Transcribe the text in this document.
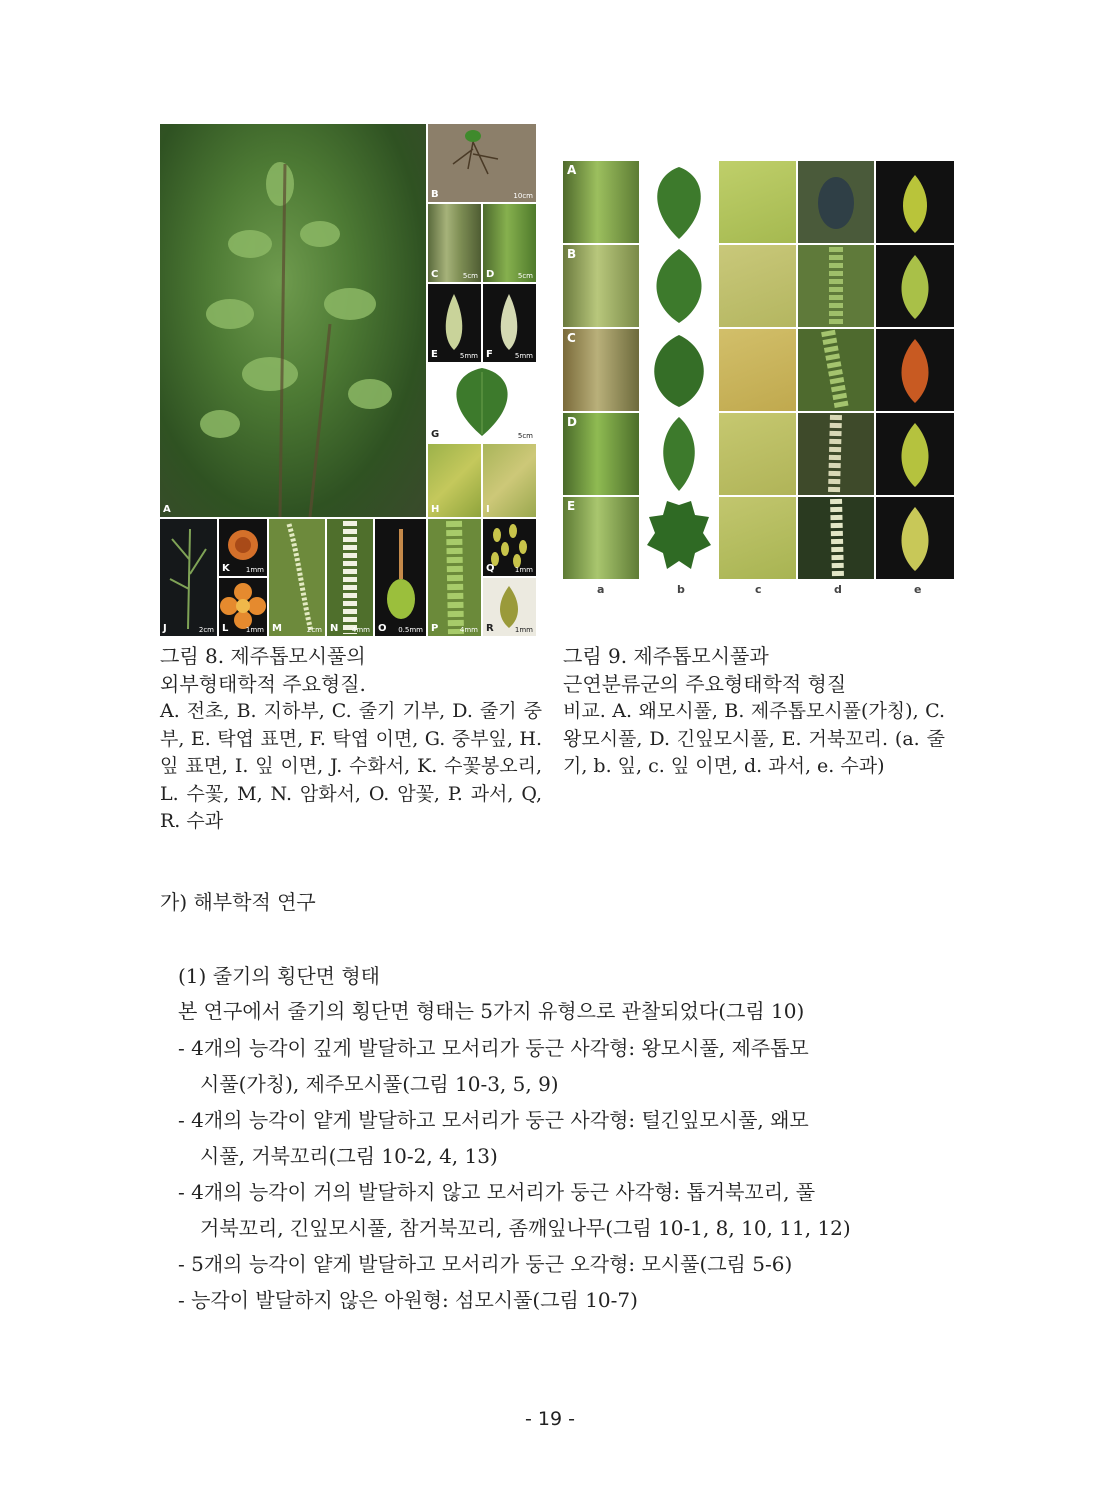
A
B	10cm
C	5cm D	5cm
E	5mm F	5mm
G	5cm
H	I
J	2cm
K 1mm
L	1mm M	2cm N 4mm O 0.5mm P	4mm
Q	1mm
R	1mm
A
B
C
D
E
a	b	c	d	e
그림 8. 제주톱모시풀의
외부형태학적 주요형질.
A. 전초, B. 지하부, C. 줄기 기부, D. 줄기 중부, E. 탁엽 표면, F. 탁엽 이면, G. 중부잎, H. 잎 표면, I. 잎 이면, J. 수화서, K. 수꽃봉오리, L. 수꽃, M, N. 암화서, O. 암꽃, P. 과서, Q, R. 수과
그림 9. 제주톱모시풀과
근연분류군의 주요형태학적 형질
비교. A. 왜모시풀, B. 제주톱모시풀(가칭), C. 왕모시풀, D. 긴잎모시풀, E. 거북꼬리. (a. 줄기, b. 잎, c. 잎 이면, d. 과서, e. 수과)
가) 해부학적 연구
(1) 줄기의 횡단면 형태
본 연구에서 줄기의 횡단면 형태는 5가지 유형으로 관찰되었다(그림 10)
- 4개의 능각이 깊게 발달하고 모서리가 둥근 사각형: 왕모시풀, 제주톱모
시풀(가칭), 제주모시풀(그림 10-3, 5, 9)
- 4개의 능각이 얕게 발달하고 모서리가 둥근 사각형: 털긴잎모시풀, 왜모
시풀, 거북꼬리(그림 10-2, 4, 13)
- 4개의 능각이 거의 발달하지 않고 모서리가 둥근 사각형: 톱거북꼬리, 풀
거북꼬리, 긴잎모시풀, 참거북꼬리, 좀깨잎나무(그림 10-1, 8, 10, 11, 12)
- 5개의 능각이 얕게 발달하고 모서리가 둥근 오각형: 모시풀(그림 5-6)
- 능각이 발달하지 않은 아원형: 섬모시풀(그림 10-7)
- 19 -
